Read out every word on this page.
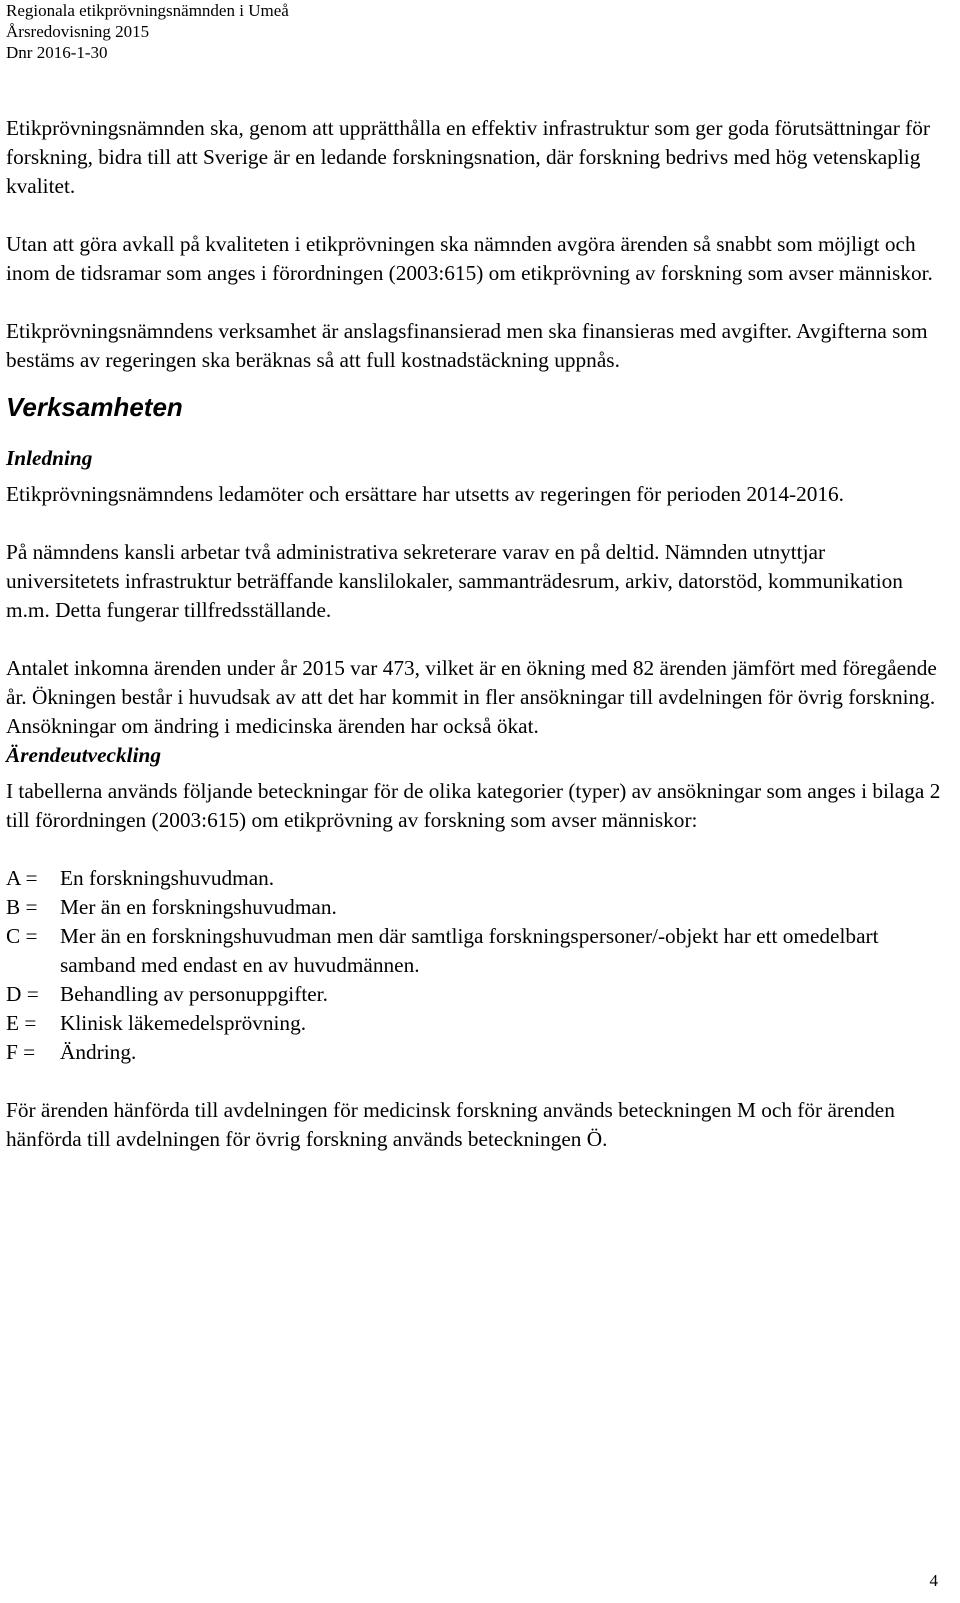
Regionala etikprövningsnämnden i Umeå
Årsredovisning 2015
Dnr 2016-1-30

Etikprövningsnämnden ska, genom att upprätthålla en effektiv infrastruktur som ger goda förutsättningar för forskning, bidra till att Sverige är en ledande forskningsnation, där forskning bedrivs med hög vetenskaplig kvalitet.

Utan att göra avkall på kvaliteten i etikprövningen ska nämnden avgöra ärenden så snabbt som möjligt och inom de tidsramar som anges i förordningen (2003:615) om etikprövning av forskning som avser människor.

Etikprövningsnämndens verksamhet är anslagsfinansierad men ska finansieras med avgifter. Avgifterna som bestäms av regeringen ska beräknas så att full kostnadstäckning uppnås.

Verksamheten

Inledning

Etikprövningsnämndens ledamöter och ersättare har utsetts av regeringen för perioden 2014-2016.

På nämndens kansli arbetar två administrativa sekreterare varav en på deltid. Nämnden utnyttjar universitetets infrastruktur beträffande kanslilokaler, sammanträdesrum, arkiv, datorstöd, kommunikation m.m. Detta fungerar tillfredsställande.

Antalet inkomna ärenden under år 2015 var 473, vilket är en ökning med 82 ärenden jämfört med föregående år. Ökningen består i huvudsak av att det har kommit in fler ansökningar till avdelningen för övrig forskning. Ansökningar om ändring i medicinska ärenden har också ökat.

Ärendeutveckling

I tabellerna används följande beteckningar för de olika kategorier (typer) av ansökningar som anges i bilaga 2 till förordningen (2003:615) om etikprövning av forskning som avser människor:

A =	En forskningshuvudman.
B =	Mer än en forskningshuvudman.
C =	Mer än en forskningshuvudman men där samtliga forskningspersoner/-objekt har ett omedelbart samband med endast en av huvudmännen.
D = Behandling av personuppgifter.
E =	Klinisk läkemedelsprövning.
F =	Ändring.

För ärenden hänförda till avdelningen för medicinsk forskning används beteckningen M och för ärenden hänförda till avdelningen för övrig forskning används beteckningen Ö.

4
